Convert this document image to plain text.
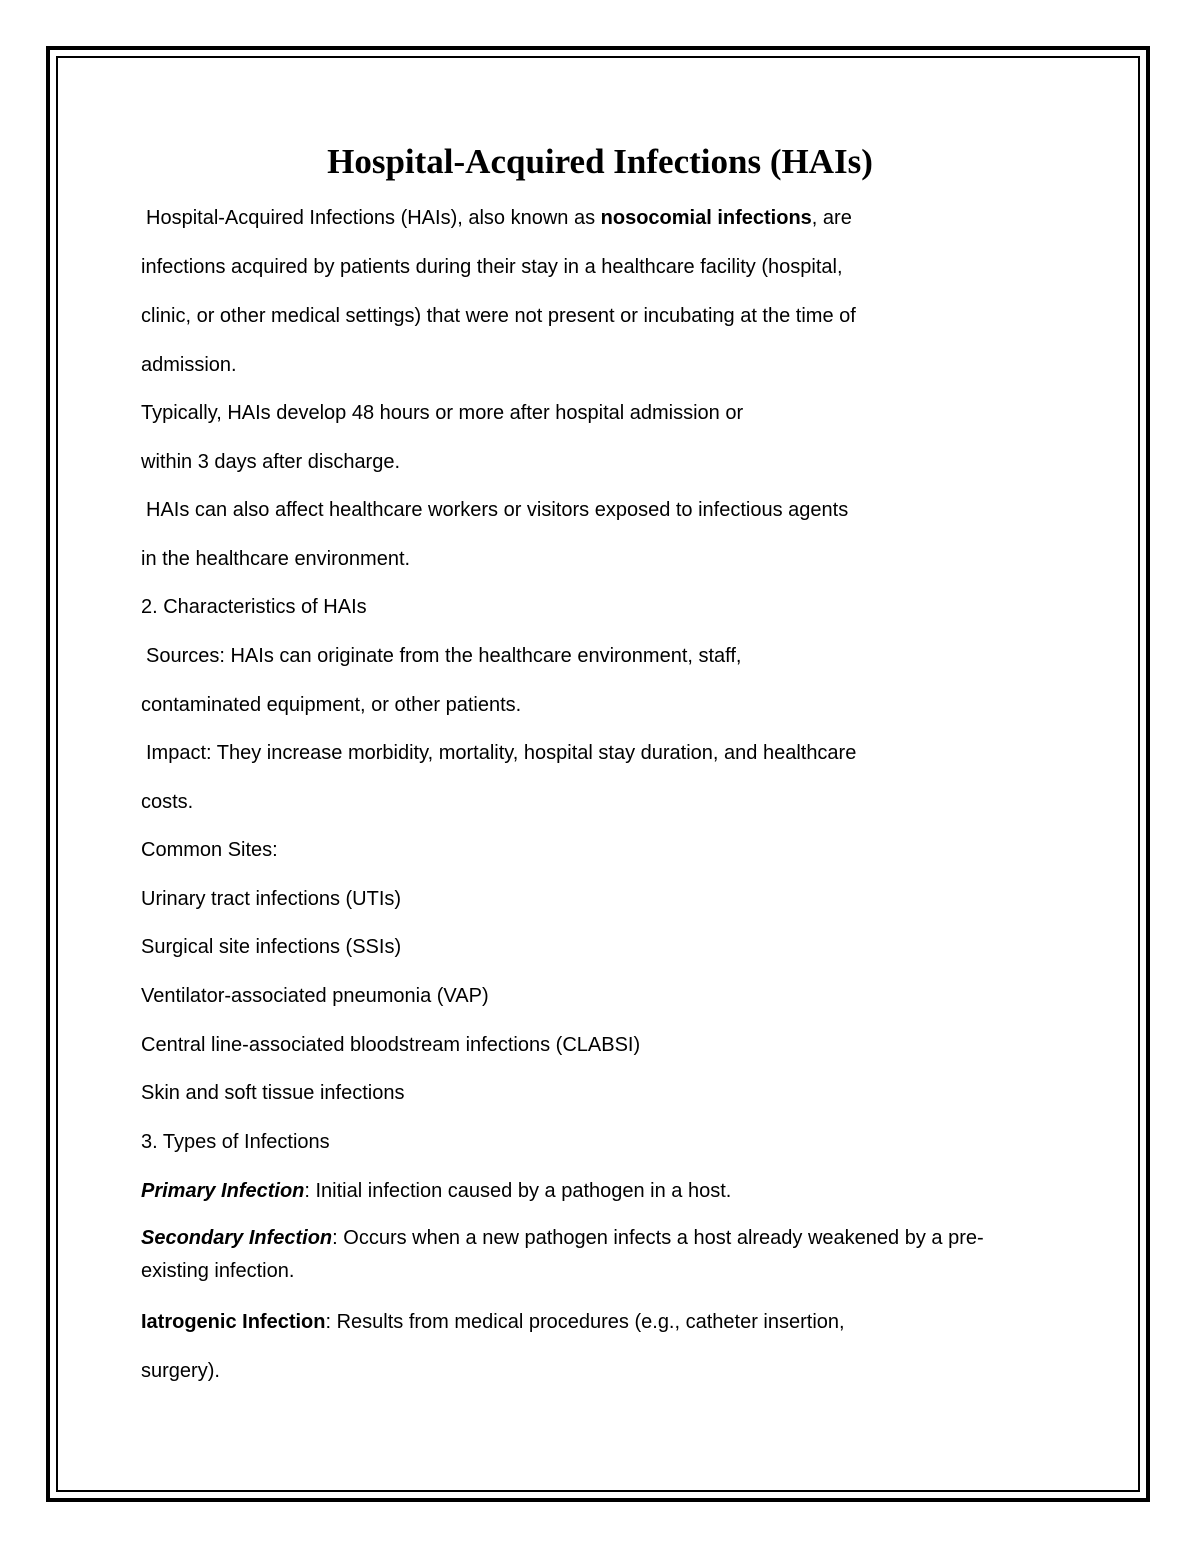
Hospital-Acquired Infections (HAIs)
Hospital-Acquired Infections (HAIs), also known as nosocomial infections, are
infections acquired by patients during their stay in a healthcare facility (hospital,
clinic, or other medical settings) that were not present or incubating at the time of
admission.
Typically, HAIs develop 48 hours or more after hospital admission or
within 3 days after discharge.
HAIs can also affect healthcare workers or visitors exposed to infectious agents
in the healthcare environment.
2. Characteristics of HAIs
Sources: HAIs can originate from the healthcare environment, staff,
contaminated equipment, or other patients.
Impact: They increase morbidity, mortality, hospital stay duration, and healthcare
costs.
Common Sites:
Urinary tract infections (UTIs)
Surgical site infections (SSIs)
Ventilator-associated pneumonia (VAP)
Central line-associated bloodstream infections (CLABSI)
Skin and soft tissue infections
3. Types of Infections
Primary Infection: Initial infection caused by a pathogen in a host.
Secondary Infection: Occurs when a new pathogen infects a host already weakened by a pre-existing infection.
Iatrogenic Infection: Results from medical procedures (e.g., catheter insertion,
surgery).
